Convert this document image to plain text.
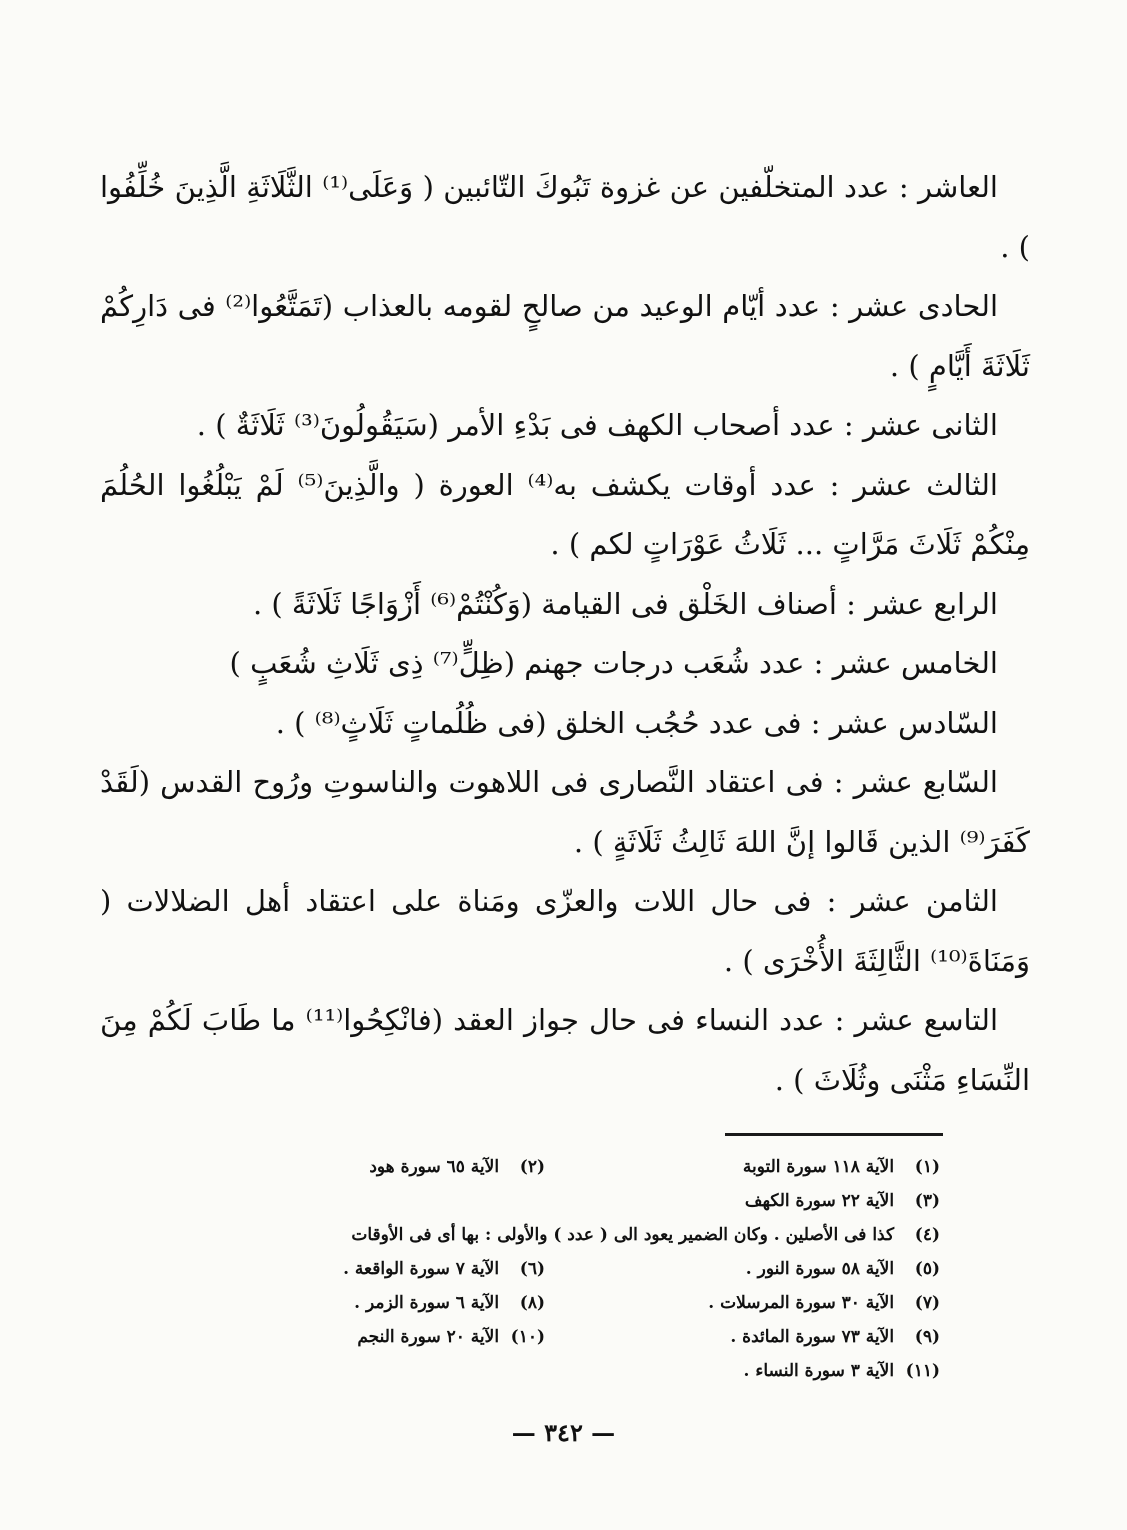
العاشر : عدد المتخلّفين عن غزوة تَبُوكَ التّائبين ( وَعَلَى⁽¹⁾ الثَّلَاثَةِ الَّذِينَ خُلِّفُوا ) .

الحادى عشر : عدد أيّام الوعيد من صالحٍ لقومه بالعذاب (تَمَتَّعُوا⁽²⁾ فى دَارِكُمْ ثَلَاثَةَ أَيَّامٍ ) .

الثانى عشر : عدد أصحاب الكهف فى بَدْءِ الأمر (سَيَقُولُونَ⁽³⁾ ثَلَاثَةٌ ) .

الثالث عشر : عدد أوقات يكشف به⁽⁴⁾ العورة ( والَّذِينَ⁽⁵⁾ لَمْ يَبْلُغُوا الحُلُمَ مِنْكُمْ ثَلَاثَ مَرَّاتٍ ... ثَلَاثُ عَوْرَاتٍ لكم ) .

الرابع عشر : أصناف الخَلْق فى القيامة (وَكُنْتُمْ⁽⁶⁾ أَزْوَاجًا ثَلَاثَةً ) .

الخامس عشر : عدد شُعَب درجات جهنم (ظِلٍّ⁽⁷⁾ ذِى ثَلَاثِ شُعَبٍ )

السّادس عشر : فى عدد حُجُب الخلق (فى ظُلُماتٍ ثَلَاثٍ⁽⁸⁾ ) .

السّابع عشر : فى اعتقاد النَّصارى فى اللاهوت والناسوتِ ورُوح القدس (لَقَدْ كَفَرَ⁽⁹⁾ الذين قَالوا إنَّ اللهَ ثَالِثُ ثَلَاثَةٍ ) .

الثامن عشر : فى حال اللات والعزّى ومَناة على اعتقاد أهل الضلالات ( وَمَنَاةَ⁽¹⁰⁾ الثَّالِثَةَ الأُخْرَى ) .

التاسع عشر : عدد النساء فى حال جواز العقد (فانْكِحُوا⁽¹¹⁾ ما طَابَ لَكُمْ مِنَ النِّسَاءِ مَثْنَى وثُلَاثَ ) .

(١) الآية ١١٨ سورة التوبة
(٢) الآية ٦٥ سورة هود
(٣) الآية ٢٢ سورة الكهف
(٤) كذا فى الأصلين . وكان الضمير يعود الى ( عدد ) والأولى : بها أى فى الأوقات
(٥) الآية ٥٨ سورة النور .
(٦) الآية ٧ سورة الواقعة .
(٧) الآية ٣٠ سورة المرسلات .
(٨) الآية ٦ سورة الزمر .
(٩) الآية ٧٣ سورة المائدة .
(١٠) الآية ٢٠ سورة النجم
(١١) الآية ٣ سورة النساء .
— ٣٤٢ —
